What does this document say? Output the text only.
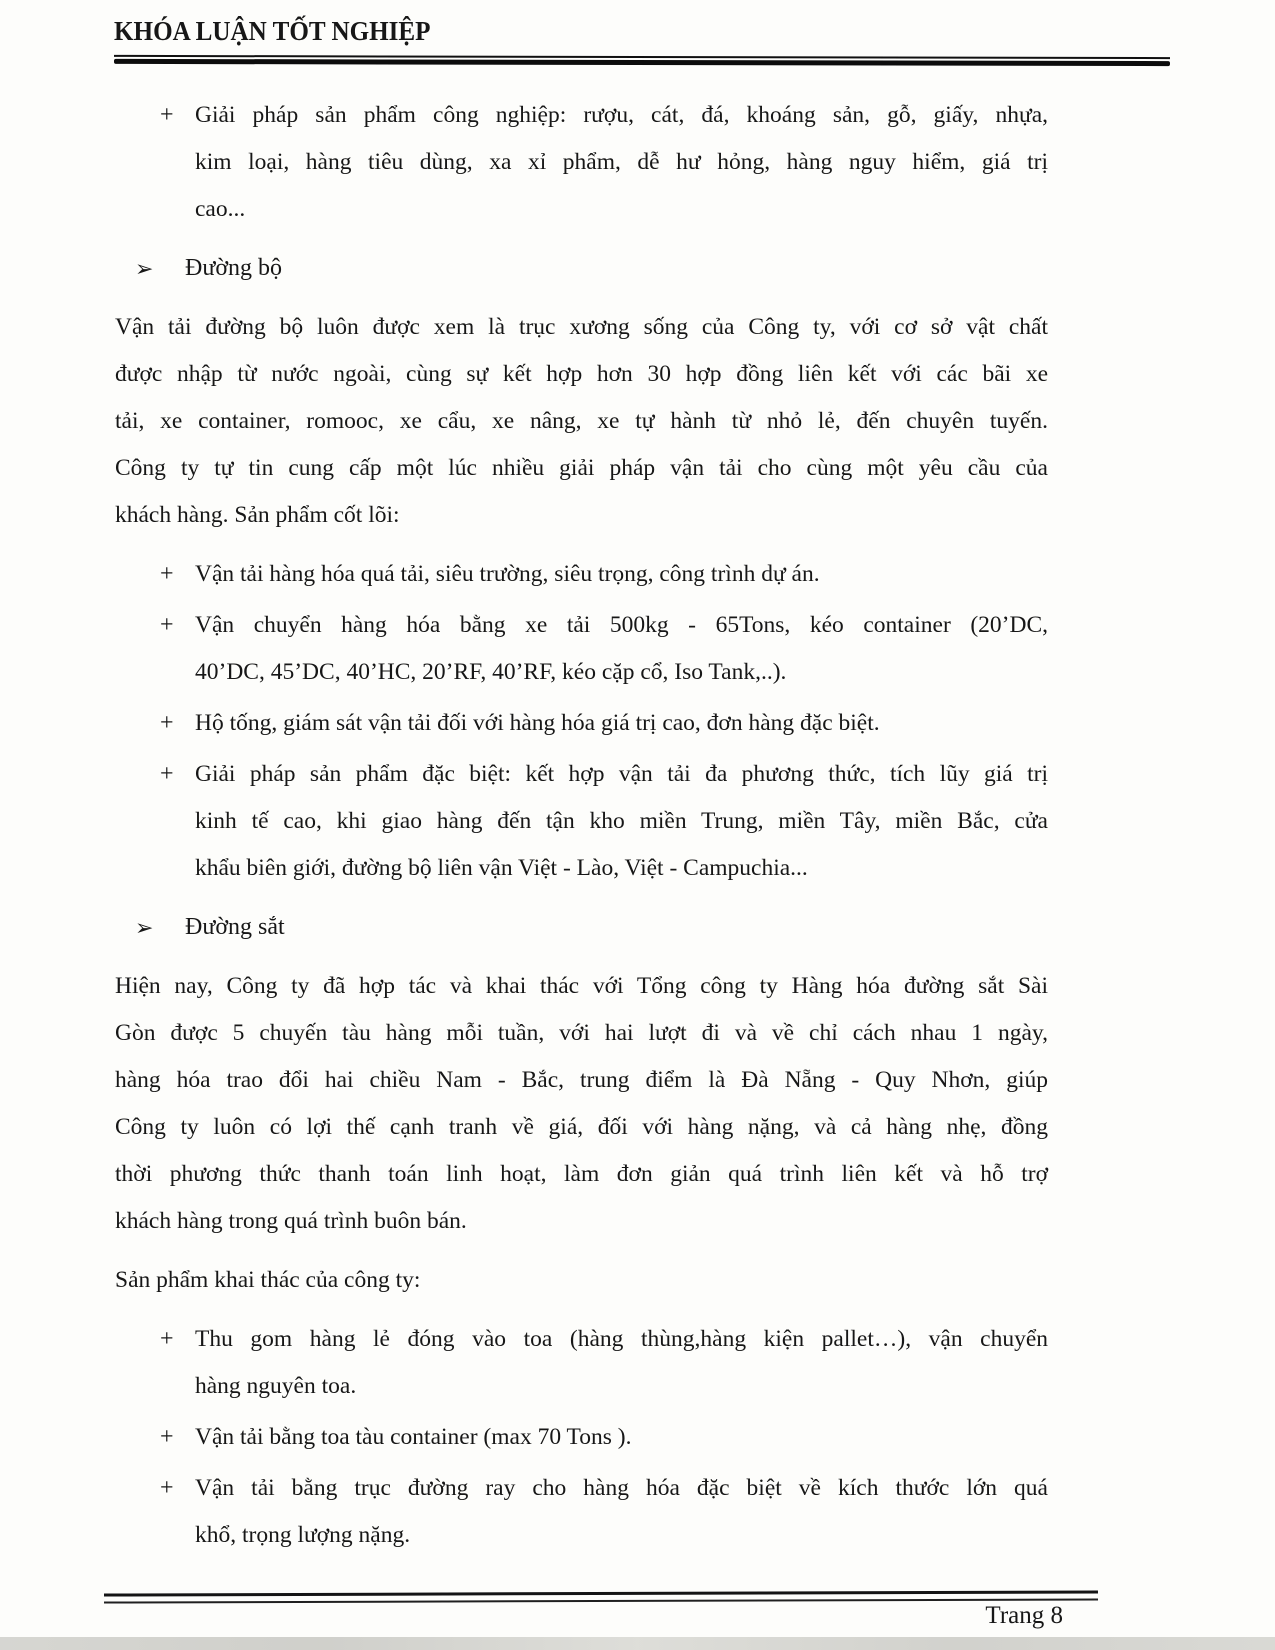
KHÓA LUẬN TỐT NGHIỆP
+ Giải pháp sản phẩm công nghiệp: rượu, cát, đá, khoáng sản, gỗ, giấy, nhựa,
kim loại, hàng tiêu dùng, xa xỉ phẩm, dễ hư hỏng, hàng nguy hiểm, giá trị
cao...
➢	Đường bộ
Vận tải đường bộ luôn được xem là trục xương sống của Công ty, với cơ sở vật chất
được nhập từ nước ngoài, cùng sự kết hợp hơn 30 hợp đồng liên kết với các bãi xe
tải, xe container, romooc, xe cẩu, xe nâng, xe tự hành từ nhỏ lẻ, đến chuyên tuyến.
Công ty tự tin cung cấp một lúc nhiều giải pháp vận tải cho cùng một yêu cầu của
khách hàng. Sản phẩm cốt lõi:
+ Vận tải hàng hóa quá tải, siêu trường, siêu trọng, công trình dự án.
+ Vận chuyển hàng hóa bằng xe tải 500kg - 65Tons, kéo container (20’DC,
40’DC, 45’DC, 40’HC, 20’RF, 40’RF, kéo cặp cổ, Iso Tank,..).
+ Hộ tống, giám sát vận tải đối với hàng hóa giá trị cao, đơn hàng đặc biệt.
+ Giải pháp sản phẩm đặc biệt: kết hợp vận tải đa phương thức, tích lũy giá trị
kinh tế cao, khi giao hàng đến tận kho miền Trung, miền Tây, miền Bắc, cửa
khẩu biên giới, đường bộ liên vận Việt - Lào, Việt - Campuchia...
➢	Đường sắt
Hiện nay, Công ty đã hợp tác và khai thác với Tổng công ty Hàng hóa đường sắt Sài
Gòn được 5 chuyến tàu hàng mỗi tuần, với hai lượt đi và về chỉ cách nhau 1 ngày,
hàng hóa trao đổi hai chiều Nam - Bắc, trung điểm là Đà Nẵng - Quy Nhơn, giúp
Công ty luôn có lợi thế cạnh tranh về giá, đối với hàng nặng, và cả hàng nhẹ, đồng
thời phương thức thanh toán linh hoạt, làm đơn giản quá trình liên kết và hỗ trợ
khách hàng trong quá trình buôn bán.
Sản phẩm khai thác của công ty:
+ Thu gom hàng lẻ đóng vào toa (hàng thùng,hàng kiện pallet…), vận chuyển
hàng nguyên toa.
+ Vận tải bằng toa tàu container (max 70 Tons ).
+ Vận tải bằng trục đường ray cho hàng hóa đặc biệt về kích thước lớn quá
khổ, trọng lượng nặng.
Trang 8
